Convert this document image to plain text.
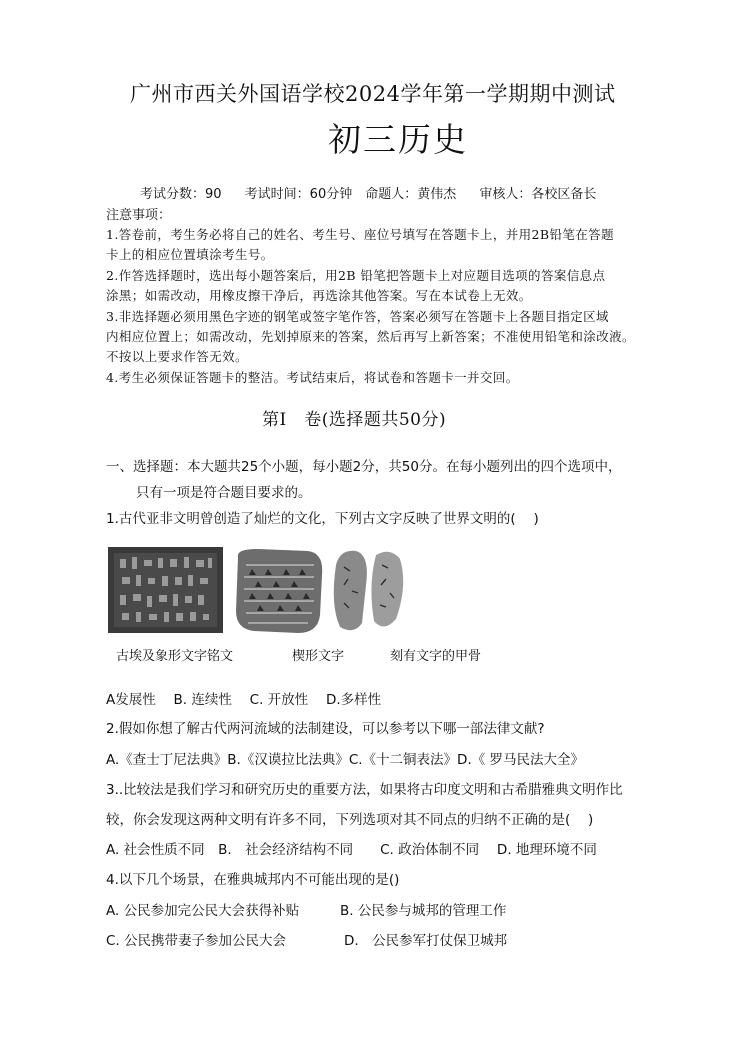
广州市西关外国语学校2024学年第一学期期中测试
初三历史
考试分数：90　 考试时间：60分钟　命题人：黄伟杰　 审核人：各校区备长
注意事项：
1.答卷前，考生务必将自己的姓名、考生号、座位号填写在答题卡上，并用2B铅笔在答题
卡上的相应位置填涂考生号。
2.作答选择题时，选出每小题答案后，用2B 铅笔把答题卡上对应题目选项的答案信息点
涂黑；如需改动，用橡皮擦干净后，再选涂其他答案。写在本试卷上无效。
3.非选择题必须用黑色字迹的钢笔或签字笔作答，答案必须写在答题卡上各题目指定区域
内相应位置上；如需改动，先划掉原来的答案，然后再写上新答案；不准使用铅笔和涂改液。
不按以上要求作答无效。
4.考生必须保证答题卡的整洁。考试结束后，将试卷和答题卡一并交回。
第I　卷(选择题共50分)
一、选择题：本大题共25个小题，每小题2分，共50分。在每小题列出的四个选项中，
只有一项是符合题目要求的。
1.古代亚非文明曾创造了灿烂的文化，下列古文字反映了世界文明的(　 )
古埃及象形文字铭文	楔形文字	刻有文字的甲骨
A发展性　 B. 连续性　 C. 开放性　 D.多样性
2.假如你想了解古代两河流域的法制建设，可以参考以下哪一部法律文献?
A.《查士丁尼法典》B.《汉谟拉比法典》C.《十二铜表法》D.《 罗马民法大全》
3..比较法是我们学习和研究历史的重要方法，如果将古印度文明和古希腊雅典文明作比
较，你会发现这两种文明有许多不同，下列选项对其不同点的归纳不正确的是(　 )
A. 社会性质不同　B.　社会经济结构不同　　C. 政治体制不同　 D. 地理环境不同
4.以下几个场景，在雅典城邦内不可能出现的是()
A. 公民参加完公民大会获得补贴	B. 公民参与城邦的管理工作
C. 公民携带妻子参加公民大会	D.　公民参军打仗保卫城邦
